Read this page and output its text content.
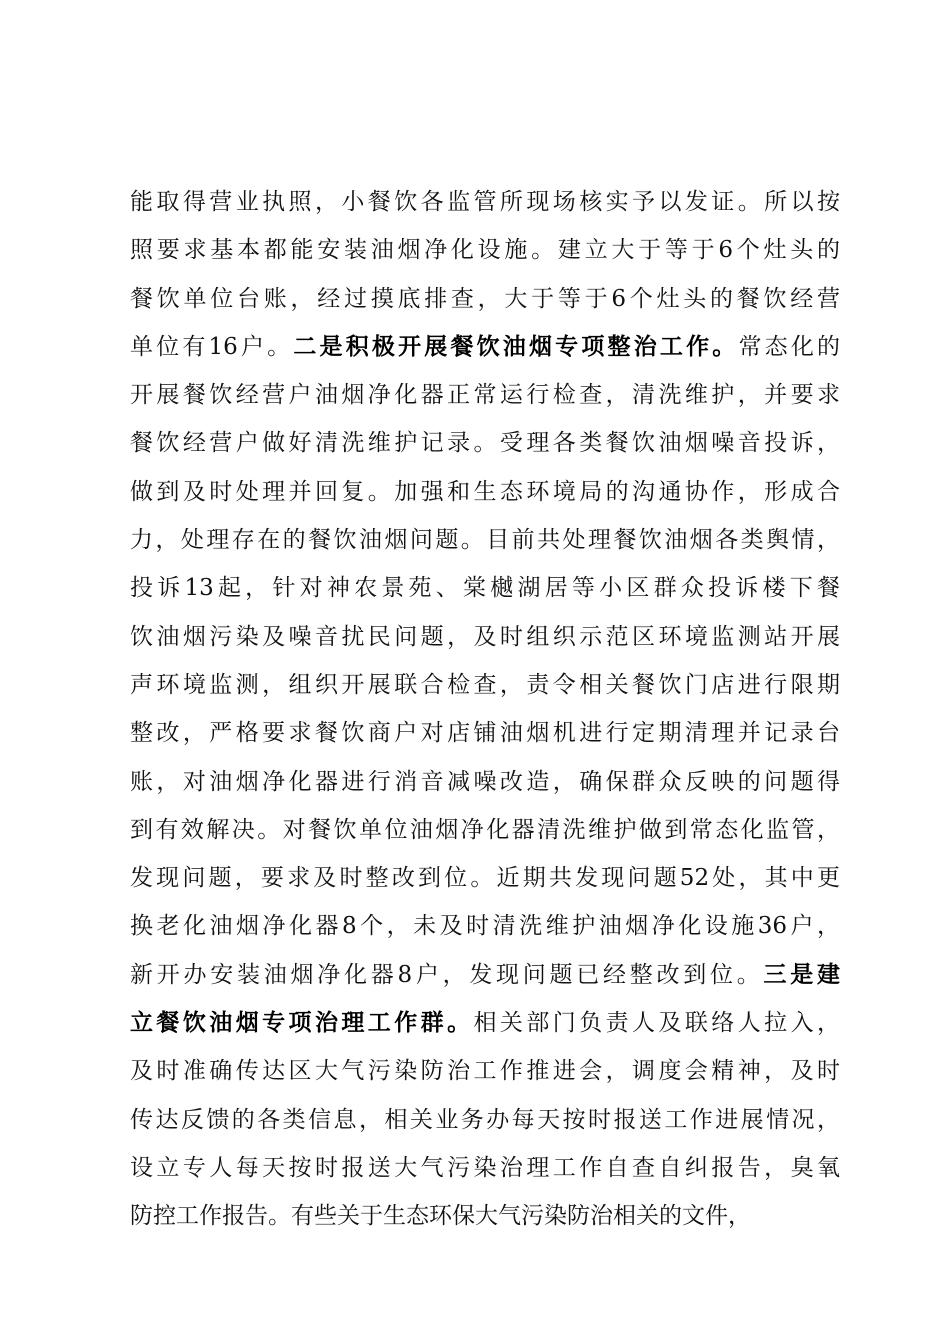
能取得营业执照，小餐饮各监管所现场核实予以发证。所以按
照要求基本都能安装油烟净化设施。建立大于等于6个灶头的
餐饮单位台账，经过摸底排查，大于等于6个灶头的餐饮经营
单位有16户。二是积极开展餐饮油烟专项整治工作。常态化的
开展餐饮经营户油烟净化器正常运行检查，清洗维护，并要求
餐饮经营户做好清洗维护记录。受理各类餐饮油烟噪音投诉，
做到及时处理并回复。加强和生态环境局的沟通协作，形成合
力，处理存在的餐饮油烟问题。目前共处理餐饮油烟各类舆情，
投诉13起，针对神农景苑、棠樾湖居等小区群众投诉楼下餐
饮油烟污染及噪音扰民问题，及时组织示范区环境监测站开展
声环境监测，组织开展联合检查，责令相关餐饮门店进行限期
整改，严格要求餐饮商户对店铺油烟机进行定期清理并记录台
账，对油烟净化器进行消音减噪改造，确保群众反映的问题得
到有效解决。对餐饮单位油烟净化器清洗维护做到常态化监管，
发现问题，要求及时整改到位。近期共发现问题52处，其中更
换老化油烟净化器8个，未及时清洗维护油烟净化设施36户，
新开办安装油烟净化器8户，发现问题已经整改到位。三是建
立餐饮油烟专项治理工作群。相关部门负责人及联络人拉入，
及时准确传达区大气污染防治工作推进会，调度会精神，及时
传达反馈的各类信息，相关业务办每天按时报送工作进展情况，
设立专人每天按时报送大气污染治理工作自查自纠报告，臭氧
防控工作报告。有些关于生态环保大气污染防治相关的文件，
